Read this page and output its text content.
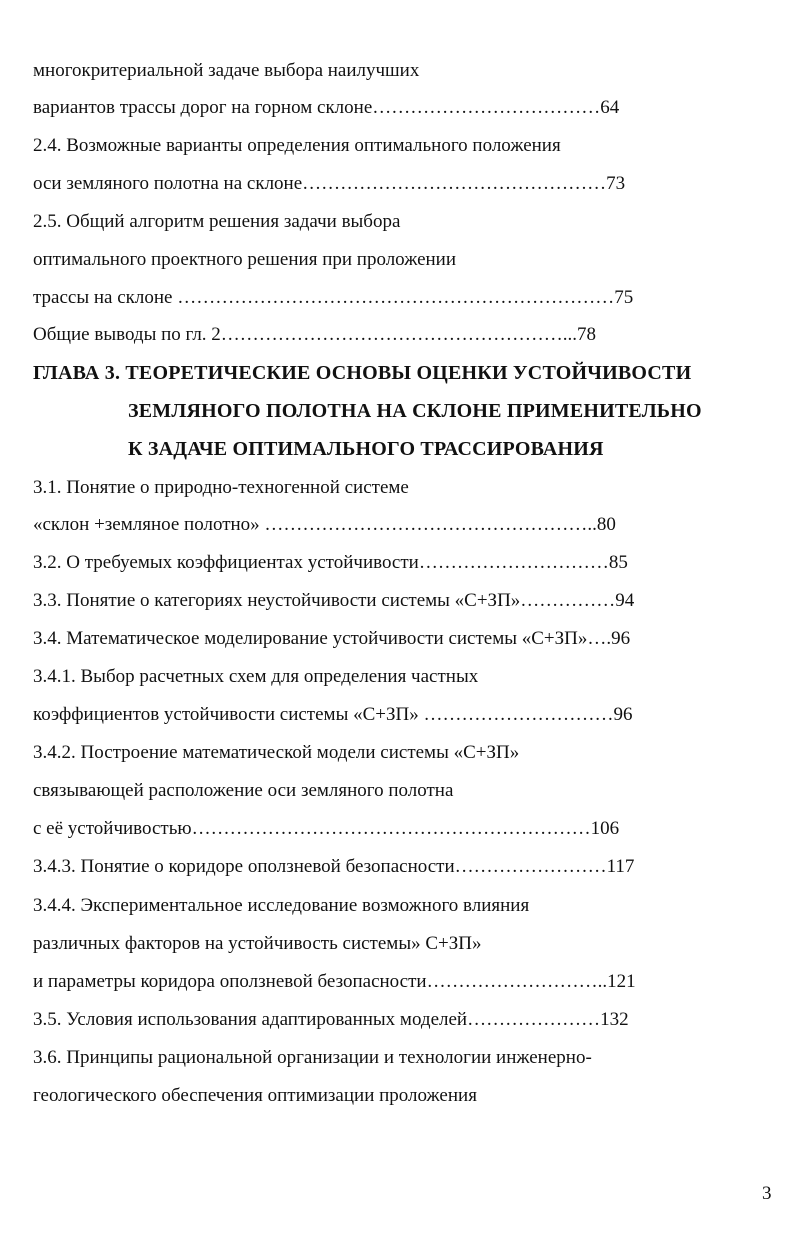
многокритериальной задаче выбора наилучших
вариантов трассы дорог на горном склоне………………………………64
2.4. Возможные варианты определения оптимального положения
оси земляного полотна на склоне…………………………………………73
2.5. Общий алгоритм решения задачи выбора
оптимального проектного решения при проложении
трассы на склоне ……………………………………………………………75
Общие выводы по гл. 2………………………………………………...78
ГЛАВА 3. ТЕОРЕТИЧЕСКИЕ ОСНОВЫ ОЦЕНКИ УСТОЙЧИВОСТИ
ЗЕМЛЯНОГО ПОЛОТНА НА СКЛОНЕ ПРИМЕНИТЕЛЬНО
К ЗАДАЧЕ ОПТИМАЛЬНОГО ТРАССИРОВАНИЯ
3.1. Понятие о природно-техногенной системе
«склон +земляное полотно» ……………………………………………..80
3.2. О требуемых коэффициентах устойчивости…………………………85
3.3. Понятие о категориях неустойчивости системы «С+ЗП»……………94
3.4. Математическое моделирование устойчивости системы «С+ЗП»….96
3.4.1. Выбор расчетных схем для определения частных
коэффициентов устойчивости системы «С+ЗП» …………………………96
3.4.2. Построение математической модели системы «С+ЗП»
связывающей расположение оси земляного полотна
с её устойчивостью………………………………………………………106
3.4.3. Понятие о коридоре оползневой безопасности……………………117
3.4.4. Экспериментальное исследование возможного влияния
различных факторов на устойчивость системы» С+ЗП»
и параметры коридора оползневой безопасности………………………..121
3.5. Условия использования адаптированных моделей…………………132
3.6. Принципы рациональной организации и технологии инженерно-
геологического обеспечения оптимизации проложения
3
